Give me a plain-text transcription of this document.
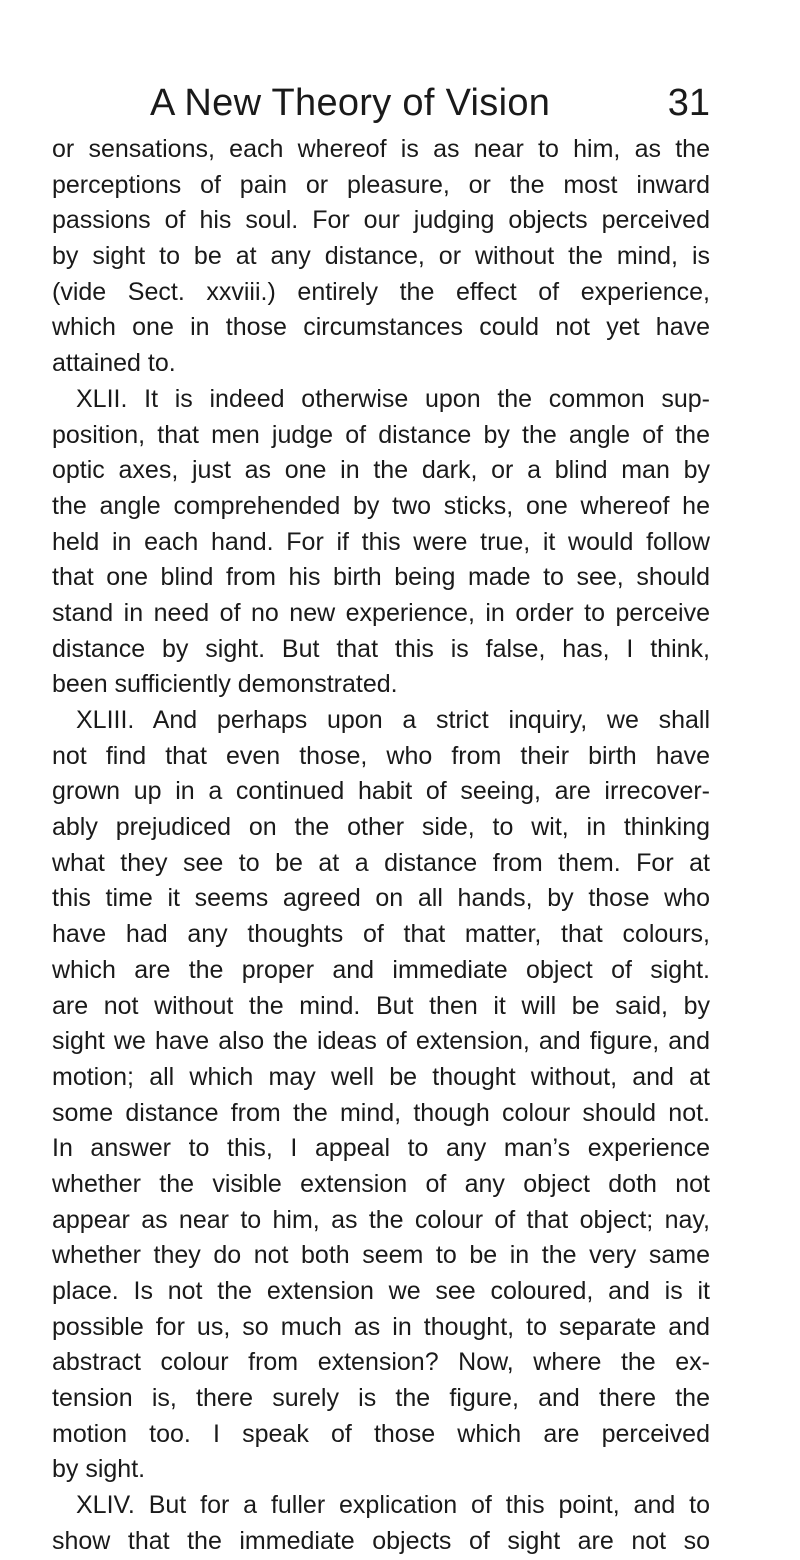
A New Theory of Vision	31
or sensations, each whereof is as near to him, as the
perceptions of pain or pleasure, or the most inward
passions of his soul. For our judging objects perceived
by sight to be at any distance, or without the mind, is
(vide Sect. xxviii.) entirely the effect of experience,
which one in those circumstances could not yet have
attained to.
XLII. It is indeed otherwise upon the common sup-
position, that men judge of distance by the angle of the
optic axes, just as one in the dark, or a blind man by
the angle comprehended by two sticks, one whereof he
held in each hand. For if this were true, it would follow
that one blind from his birth being made to see, should
stand in need of no new experience, in order to perceive
distance by sight. But that this is false, has, I think,
been sufficiently demonstrated.
XLIII. And perhaps upon a strict inquiry, we shall
not find that even those, who from their birth have
grown up in a continued habit of seeing, are irrecover-
ably prejudiced on the other side, to wit, in thinking
what they see to be at a distance from them. For at
this time it seems agreed on all hands, by those who
have had any thoughts of that matter, that colours,
which are the proper and immediate object of sight.
are not without the mind. But then it will be said, by
sight we have also the ideas of extension, and figure, and
motion; all which may well be thought without, and at
some distance from the mind, though colour should not.
In answer to this, I appeal to any man’s experience
whether the visible extension of any object doth not
appear as near to him, as the colour of that object; nay,
whether they do not both seem to be in the very same
place. Is not the extension we see coloured, and is it
possible for us, so much as in thought, to separate and
abstract colour from extension? Now, where the ex-
tension is, there surely is the figure, and there the
motion too. I speak of those which are perceived
by sight.
XLIV. But for a fuller explication of this point, and to
show that the immediate objects of sight are not so
